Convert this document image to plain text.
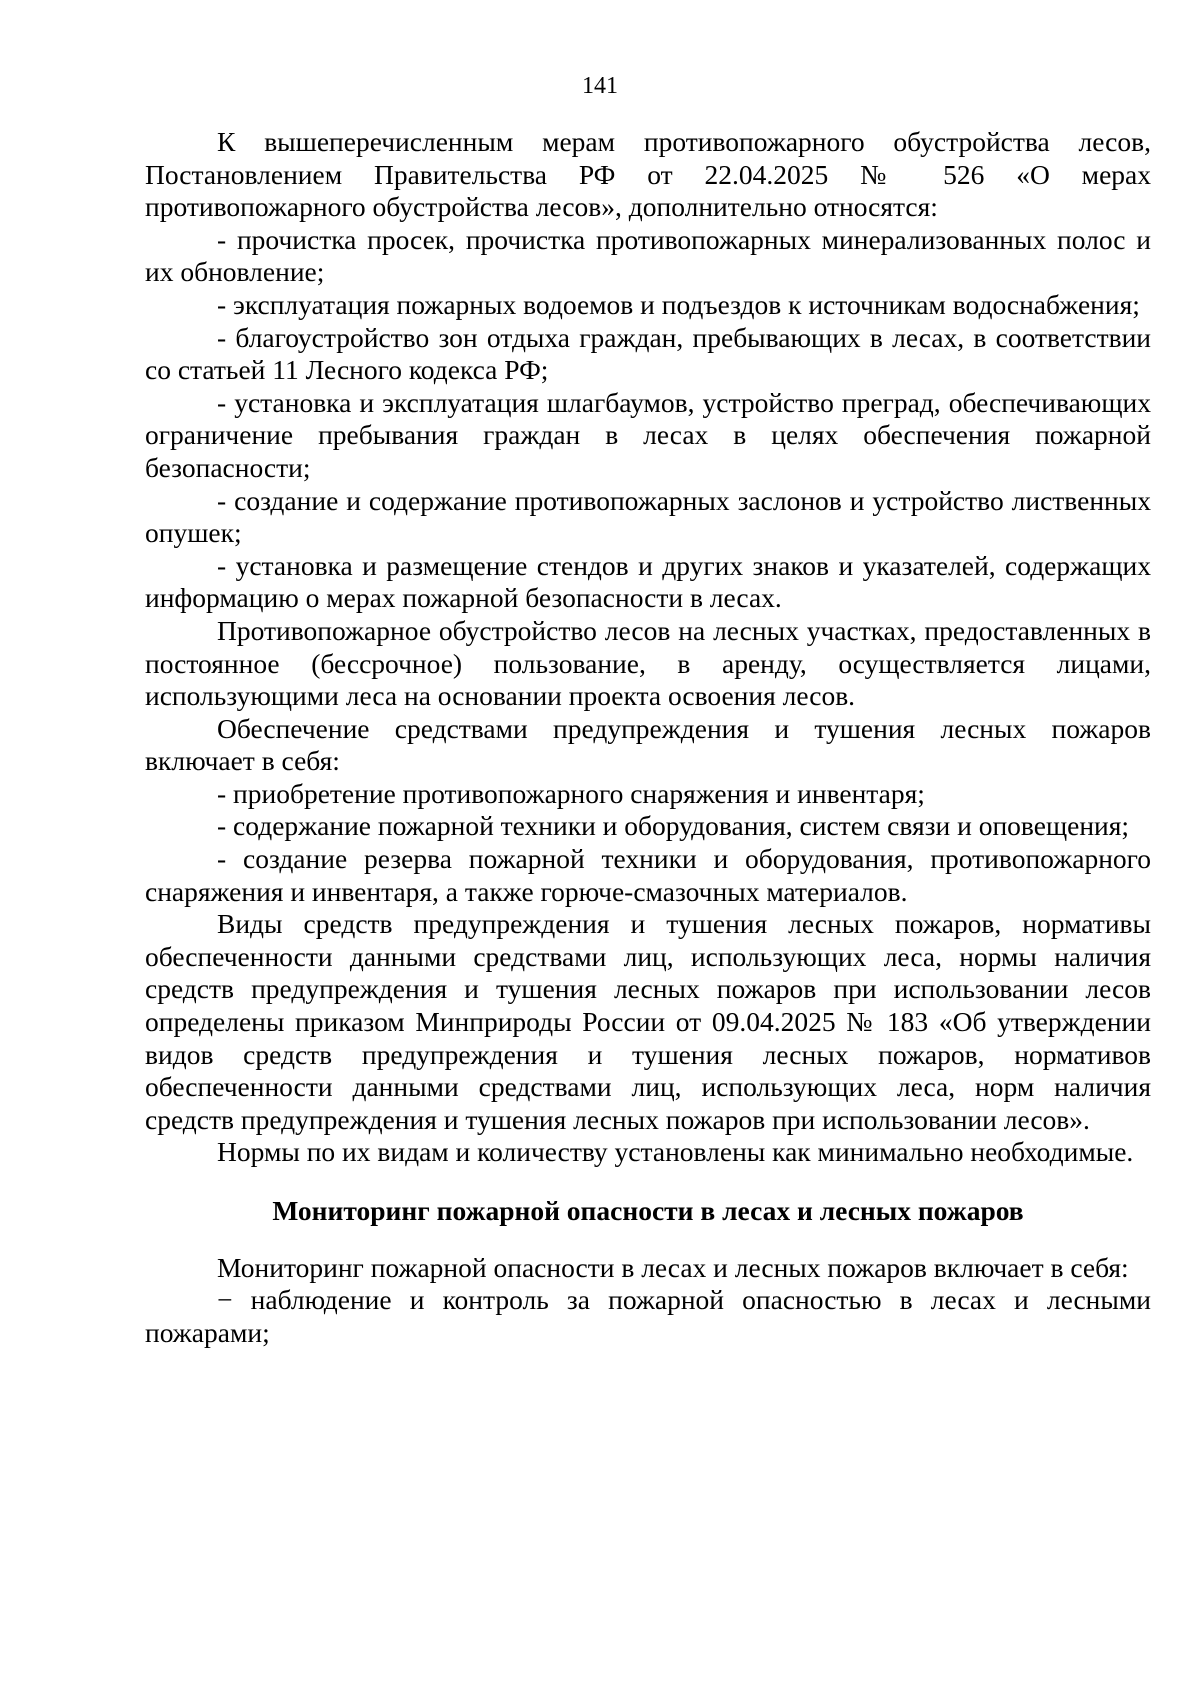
141

К вышеперечисленным мерам противопожарного обустройства лесов, Постановлением Правительства РФ от 22.04.2025 № 526 «О мерах противопожарного обустройства лесов», дополнительно относятся:

- прочистка просек, прочистка противопожарных минерализованных полос и их обновление;

- эксплуатация пожарных водоемов и подъездов к источникам водоснабжения;

- благоустройство зон отдыха граждан, пребывающих в лесах, в соответствии со статьей 11 Лесного кодекса РФ;

- установка и эксплуатация шлагбаумов, устройство преград, обеспечивающих ограничение пребывания граждан в лесах в целях обеспечения пожарной безопасности;

- создание и содержание противопожарных заслонов и устройство лиственных опушек;

- установка и размещение стендов и других знаков и указателей, содержащих информацию о мерах пожарной безопасности в лесах.

Противопожарное обустройство лесов на лесных участках, предоставленных в постоянное (бессрочное) пользование, в аренду, осуществляется лицами, использующими леса на основании проекта освоения лесов.

Обеспечение средствами предупреждения и тушения лесных пожаров включает в себя:

- приобретение противопожарного снаряжения и инвентаря;

- содержание пожарной техники и оборудования, систем связи и оповещения;

- создание резерва пожарной техники и оборудования, противопожарного снаряжения и инвентаря, а также горюче-смазочных материалов.

Виды средств предупреждения и тушения лесных пожаров, нормативы обеспеченности данными средствами лиц, использующих леса, нормы наличия средств предупреждения и тушения лесных пожаров при использовании лесов определены приказом Минприроды России от 09.04.2025 № 183 «Об утверждении видов средств предупреждения и тушения лесных пожаров, нормативов обеспеченности данными средствами лиц, использующих леса, норм наличия средств предупреждения и тушения лесных пожаров при использовании лесов».

Нормы по их видам и количеству установлены как минимально необходимые.

Мониторинг пожарной опасности в лесах и лесных пожаров

Мониторинг пожарной опасности в лесах и лесных пожаров включает в себя:

− наблюдение и контроль за пожарной опасностью в лесах и лесными пожарами;
